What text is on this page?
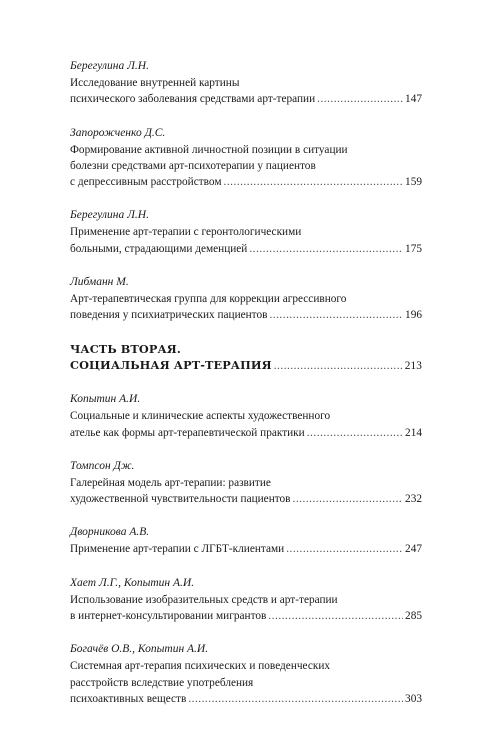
Берегулина Л.Н.
Исследование внутренней картины
психического заболевания средствами арт-терапии .....	147
Запорожченко Д.С.
Формирование активной личностной позиции в ситуации
болезни средствами арт-психотерапии у пациентов
с депрессивным расстройством .....	159
Берегулина Л.Н.
Применение арт-терапии с геронтологическими
больными, страдающими деменцией .....	175
Либманн М.
Арт-терапевтическая группа для коррекции агрессивного
поведения у психиатрических пациентов .....	196
ЧАСТЬ ВТОРАЯ.
СОЦИАЛЬНАЯ АРТ-ТЕРАПИЯ .....	213
Копытин А.И.
Социальные и клинические аспекты художественного
ателье как формы арт-терапевтической практики .....	214
Томпсон Дж.
Галерейная модель арт-терапии: развитие
художественной чувствительности пациентов .....	232
Дворникова А.В.
Применение арт-терапии с ЛГБТ-клиентами .....	247
Хает Л.Г., Копытин А.И.
Использование изобразительных средств и арт-терапии
в интернет-консультировании мигрантов .....	285
Богачёв О.В., Копытин А.И.
Системная арт-терапия психических и поведенческих
расстройств вследствие употребления
психоактивных веществ .....	303
